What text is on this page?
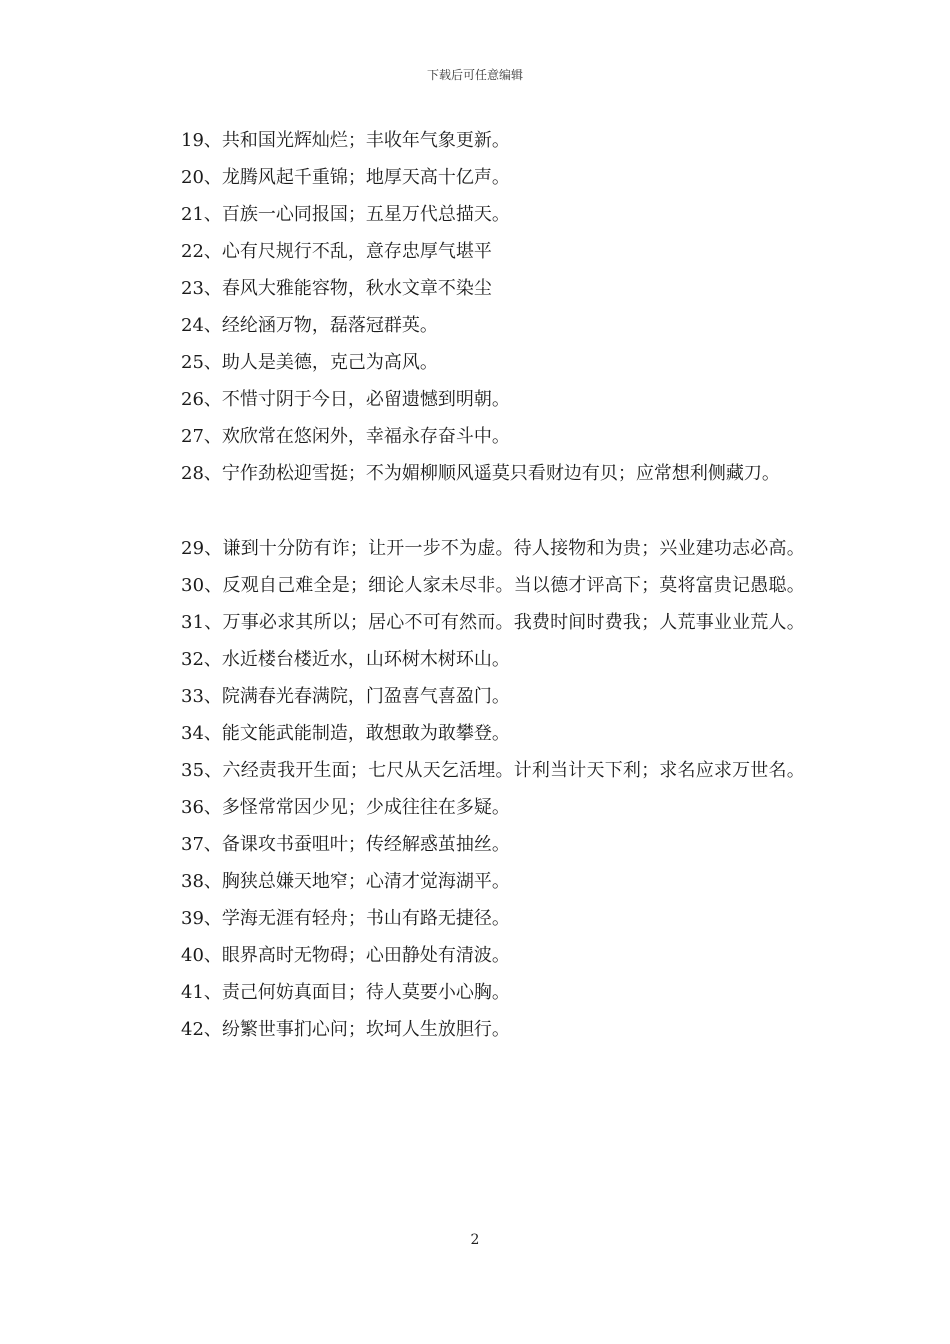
下载后可任意编辑

19、共和国光辉灿烂；丰收年气象更新。

20、龙腾风起千重锦；地厚天高十亿声。

21、百族一心同报国；五星万代总描天。

22、心有尺规行不乱，意存忠厚气堪平

23、春风大雅能容物，秋水文章不染尘

24、经纶涵万物，磊落冠群英。

25、助人是美德，克己为高风。

26、不惜寸阴于今日，必留遗憾到明朝。

27、欢欣常在悠闲外，幸福永存奋斗中。

28、宁作劲松迎雪挺；不为媚柳顺风遥莫只看财边有贝；应常想利侧藏刀。

29、谦到十分防有诈；让开一步不为虚。待人接物和为贵；兴业建功志必高。

30、反观自己难全是；细论人家未尽非。当以德才评高下；莫将富贵记愚聪。

31、万事必求其所以；居心不可有然而。我费时间时费我；人荒事业业荒人。

32、水近楼台楼近水，山环树木树环山。

33、院满春光春满院，门盈喜气喜盈门。

34、能文能武能制造，敢想敢为敢攀登。

35、六经责我开生面；七尺从天乞活埋。计利当计天下利；求名应求万世名。

36、多怪常常因少见；少成往往在多疑。

37、备课攻书蚕咀叶；传经解惑茧抽丝。

38、胸狭总嫌天地窄；心清才觉海湖平。

39、学海无涯有轻舟；书山有路无捷径。

40、眼界高时无物碍；心田静处有清波。

41、责己何妨真面目；待人莫要小心胸。

42、纷繁世事扪心问；坎坷人生放胆行。

2
